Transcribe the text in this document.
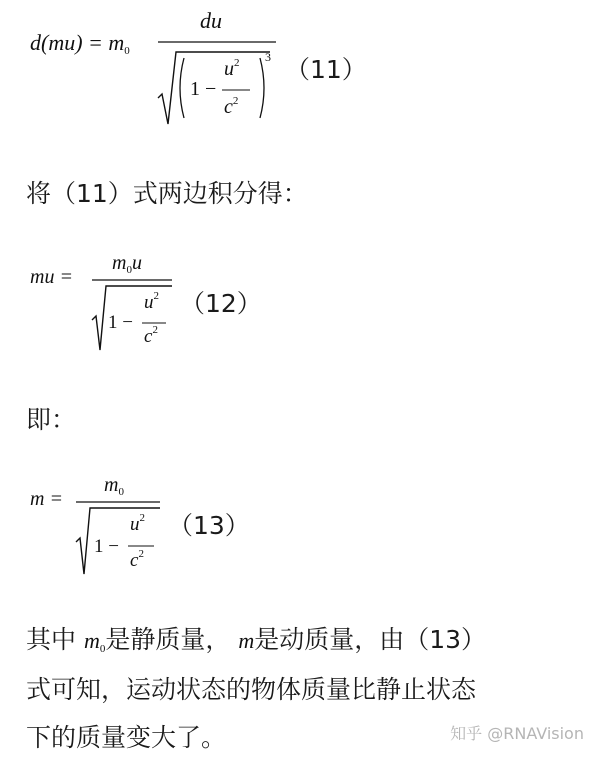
d(mu) = m0
du
1 −
$u^2$
$c^2$
3 （11）
将（11）式两边积分得：
mu =
$m_0u$
1 −
$u^2$
$c^2$
（12）
即：
m =
$m_0$
1 −
$u^2$
$c^2$
（13）
其中 m0是静质量， m是动质量，由（13）
式可知，运动状态的物体质量比静止状态
下的质量变大了。	知乎 @RNAVision
